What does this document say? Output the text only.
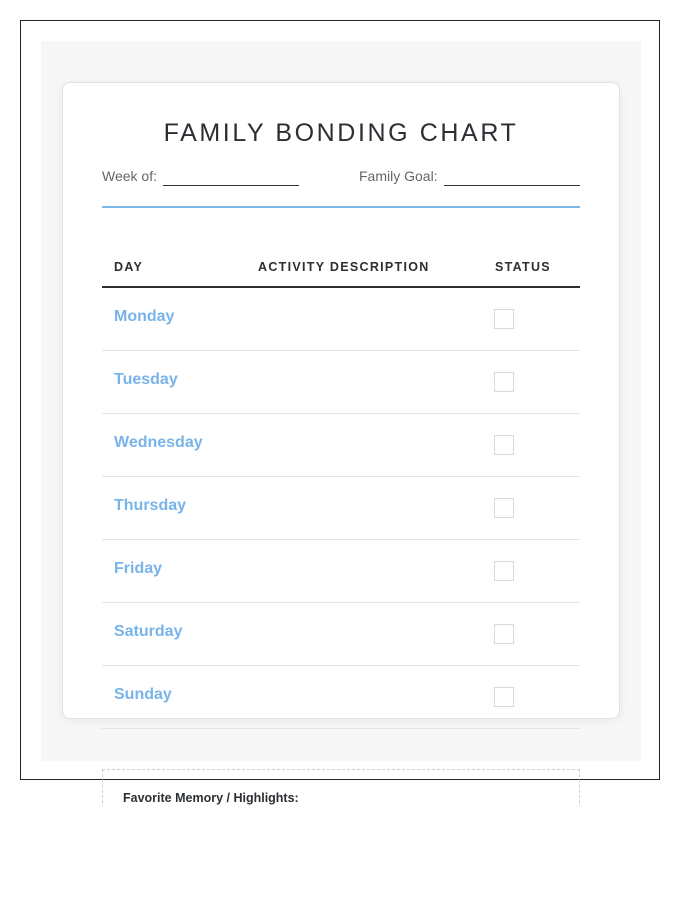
FAMILY BONDING CHART
Week of:	Family Goal:
DAY	ACTIVITY DESCRIPTION	STATUS
Monday
Tuesday
Wednesday
Thursday
Friday
Saturday
Sunday
Favorite Memory / Highlights:
